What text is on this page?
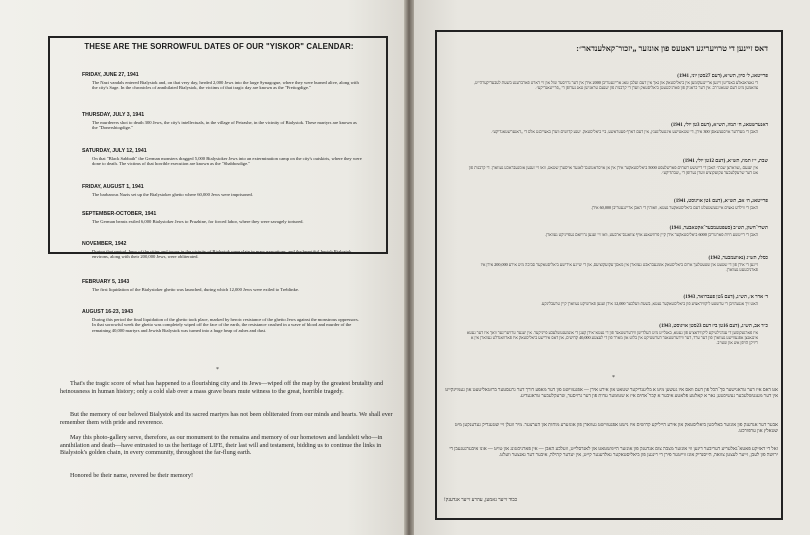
THESE ARE THE SORROWFUL DATES OF OUR "YISKOR" CALENDAR:
FRIDAY, JUNE 27, 1941
The Nazi vandals entered Bialystok and, on that very day, herded 2,000 Jews into the large Synagogue, where they were burned alive, along with the city's Sage. In the chronicles of annihilated Bialystok, the victims of that tragic day are known as the "Freitogdige."
THURSDAY, JULY 3, 1941
The murderers shot to death 300 Jews, the city's intellectuals, in the village of Petrashe, in the vicinity of Bialystok. These martyrs are known as the "Donershtogdige."
SATURDAY, JULY 12, 1941
On that "Black Sabbath" the German monsters dragged 5,000 Bialystoker Jews into an extermination camp on the city's outskirts, where they were done to death. The victims of that horrible execution are known as the "Shabbosdige."
FRIDAY, AUGUST 1, 1941
The barbarous Nazis set up the Bialystoker ghetto where 60,000 Jews were imprisoned.
SEPTEMBER-OCTOBER, 1941
The German beasts exiled 6,000 Bialystoker Jews to Pruzhine, for forced labor, where they were savagely tortured.
NOVEMBER, 1942
During that period, Jews of the cities and towns in the vicinity of Bialystok were slain in mass executions, and the beautiful Jewish Bialystok environs, along with their 200,000 Jews, were obliterated.
FEBRUARY 5, 1943
The first liquidation of the Bialystoker ghetto was launched, during which 12,000 Jews were exiled to Treblinke.
AUGUST 16-23, 1943
During this period the final liquidation of the ghetto took place, marked by heroic resistance of the ghetto Jews against the monstrous oppressors. In that sorrowful week the ghetto was completely wiped off the face of the earth, the resistance crushed in a wave of blood and murder of the remaining 40,000 martyrs and Jewish Bialystok was turned into a huge heap of ashes and dust.
*
That's the tragic score of what has happened to a flourishing city and its Jews—wiped off the map by the greatest brutality and heinousness in human history; only a cold slab over a mass grave bears mute witness to the great, horrible tragedy.
But the memory of our beloved Bialystok and its sacred martyrs has not been obliterated from our minds and hearts. We shall ever remember them with pride and reverence.
May this photo-gallery serve, therefore, as our monument to the remains and memory of our hometown and landsleit who—in annihilation and death—have entrusted to us the heritage of LIFE, their last will and testament, bidding us to continue the links in Bialystok's golden chain, in every community, throughout the far-flung earth.
Honored be their name, revered be their memory!
דאס זיינען די טרויעריגע דאטעס פון אונזער „יזכור־קאלענדאר״:
פרייטאג, ל׳ סיון, תש״א, (דעם 27סטן יוני, 1941)
די נאציאנאלע באנדיטן זיינען אריינגעקומען אין ביאליסטאק און נאך אין דעם זעלבן טאג ארייגעטריבן 2000 אידן אין דער גרויסער שול און זיי דארט פארברענט בשעת לעבעדיקערהייט, צוזאמען מיט דעם שטאט־רב. אין דער כראניק פון פארניכטעטן ביאליסטאק ווערן די קרבנות פון יענעם טראגישן טאג גערופן די „פרייטאגדיקע״.
דאנערשטאג, ח׳ תמוז, תש״א, (דעם 3טן יולי, 1941)
האבן די מערדער אויסגעשאסן 300 אידן, די שטאטישע אינטעליגענץ, אין דעם דארף פעטראשע, בײ ביאליסטאק. יענע קדושים ווערן באצייכנט אלס די „דאנערשטאגדיקע״.
שבת, י״ז תמוז, תש״א, (דעם 12טן יולי, 1941)
אין יענעם „שווארצן שבת״ האבן די דייטשע רוצחים פארשלעפט 5000 ביאליסטאקער אידן אין אן אויסראטונגס־לאגער אויסערן שטאט, וואו זיי זענען אומגעבראכט געווארן. די קרבנות פון אט דער שרעקלעכער עקזעקוציע ווערן גערופן די „שבתדיקע״.
פרייטאג, ח׳ אב, תש״א, (דעם 1טן אויגוסט, 1941)
האבן די ווילדע נאצים איינגעשטעלט דעם ביאליסטאקער געטא, וואוהין די האבן אריינגעטריבן 60,000 אידן.
תשרי־חשון, תש״ב (סעפטעמבער־אקטאבער, 1941)
האבן די דייטשע חיות פארטריבן 6000 ביאליסטאקער אידן קיין פרוזשאנע אויף צוואנגס־ארבעט, וואו זיי זענען גרויזאם געפייניקט געווארן.
כסלו, תש״ג (נאוועמבער, 1942)
זיינען די אידן פון די שטעט און שטעטלעך ארום ביאליסטאק אומגעבראכט געווארן אין מאסן־עקזעקוציעס, און די שיינע אידישע ביאליסטאקער סביבה מיט אירע 200,000 אידן איז פארניכטעט געווארן.
ד׳ אדר א׳, תש״ג, (דעם 5טן פעברואר, 1943)
האט זיך אנגעהויבן די ערשטע ליקווידאציע פון ביאליסטאקער געטא, בשעת וועלכער 12,000 אידן זענען פארשיקט געווארן קיין טרעבלינקע.
כ״ד אב, תש״ג, (דעם 16טן ביז דעם 23סטן אויגוסט, 1943)
איז פארגעקומען די ענדגילטיקע ליקווידאציע פון געטא, באגלייט מיט העלדישן ווידערשטאנד פון די געטא־אידן קעגן די אונמענטשלעכע פייניקער. אין יענער טרויעריגער וואך איז דער געטא אינגאנצן אפגעווישט געווארן פון דער ערד, דער ווידערשטאנד דערשטיקט אין בלוט און מארד פון די לעצטע 40,000 קדושים, און דאס אידישע ביאליסטאק איז פארוואנדלט געווארן אין א ריזיקן הויפן אש און שטויב.
*
אט דאס איז דער טראגישער סך־הכל פון דעם וואס איז געשען מיט א בליענדיקער שטאט און אירע אידן — אפגעווישט פון דער מאפע דורך דער גרעסטער ברוטאליטעט און געמיינקייט אין דער מענטשלעכער געשיכטע; נאר א קאלטע פלאטע איבער א קבר־אחים איז א שטומער עדות פון דער גרויסער, שרעקלעכער טראגעדיע.
אבער דער אנדענק פון אונזער באליבטן ביאליסטאק און אירע הייליקע קדושים איז נישט אפגעווישט געווארן פון אונזערע מוחות און הערצער. מיר וועלן זיי שטענדיק געדענקען מיט שטאלץ און ערפורכט.
זאל די דאזיקע פאטא־גאלעריע דעריבער דינען ווי אונזער מצבה צום אנדענק פון אונזער היימשטאט און לאנדסלייט, וועלכע האבן — אין פארניכטונג און טויט — אונז איבערגעגעבן די ירושה פון לעבן, זייער לעצטן צוואה, הייסנדיק אונז ווייטער פירן די רינגען פון ביאליסטאקער גאלדענער קייט, אין יעדער קהילה, איבער דער גאנצער וועלט.
כבוד זייער נאמען, עהרע זייער אנדענק!
